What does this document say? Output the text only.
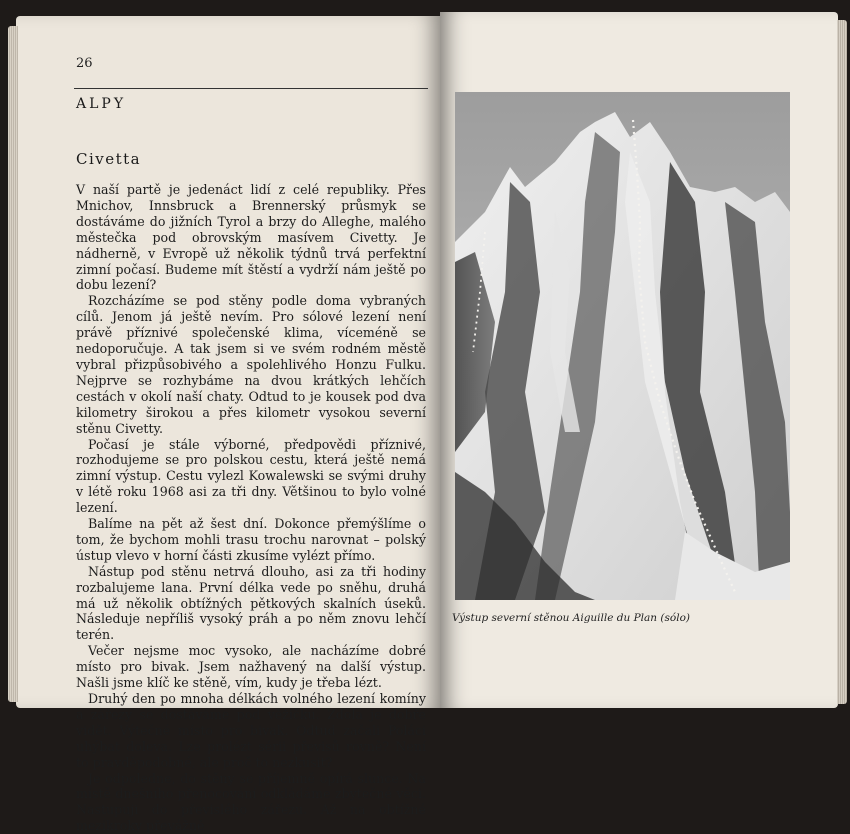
26
ALPY
Civetta

V naší partě je jedenáct lidí z celé republiky. Přes Mnichov, Innsbruck a Brennerský průsmyk se dostáváme do jižních Tyrol a brzy do Alleghe, malého městečka pod obrovským masívem Civetty. Je nádherně, v Evropě už několik týdnů trvá perfektní zimní počasí. Budeme mít štěstí a vydrží nám ještě po dobu lezení?

Rozcházíme se pod stěny podle doma vybraných cílů. Jenom já ještě nevím. Pro sólové lezení není právě příznivé společenské klima, víceméně se nedoporučuje. A tak jsem si ve svém rodném městě vybral přizpůsobivého a spolehlivého Honzu Fulku. Nejprve se rozhybáme na dvou krátkých lehčích cestách v okolí naší chaty. Odtud to je kousek pod dva kilometry širokou a přes kilometr vysokou severní stěnu Civetty.

Počasí je stále výborné, předpovědi příznivé, rozhodujeme se pro polskou cestu, která ještě nemá zimní výstup. Cestu vylezl Kowalewski se svými druhy v létě roku 1968 asi za tři dny. Většinou to bylo volné lezení.

Balíme na pět až šest dní. Dokonce přemýšlíme o tom, že bychom mohli trasu trochu narovnat – polský ústup vlevo v horní části zkusíme vylézt přímo.

Nástup pod stěnu netrvá dlouho, asi za tři hodiny rozbalujeme lana. První délka vede po sněhu, druhá má už několik obtížných pětkových skalních úseků. Následuje nepříliš vysoký práh a po něm znovu lehčí terén.

Večer nejsme moc vysoko, ale nacházíme dobré místo pro bivak. Jsem nažhavený na další výstup. Našli jsme klíč ke stěně, vím, kudy je třeba lézt.

Druhý den po mnoha délkách volného lezení komíny a zářezy se dostáváme pod věžičku. Zdola je dobře vidět. Výtečné místo pro bivak. Odtud začali Poláci uhýbat doleva. Lze prolézt sérii převisů rovně? Není to pravděpodobné, ale proč to nezkusit?

Je odpoledne, do stěny se příjemně opírá slunce. Na místě dnešního přenocování odkládáme zbytečné věci. Nastupuji do převislého zářezu. Až na obtížné mezikroky převážně

Výstup severní stěnou Aiguille du Plan (sólo)
